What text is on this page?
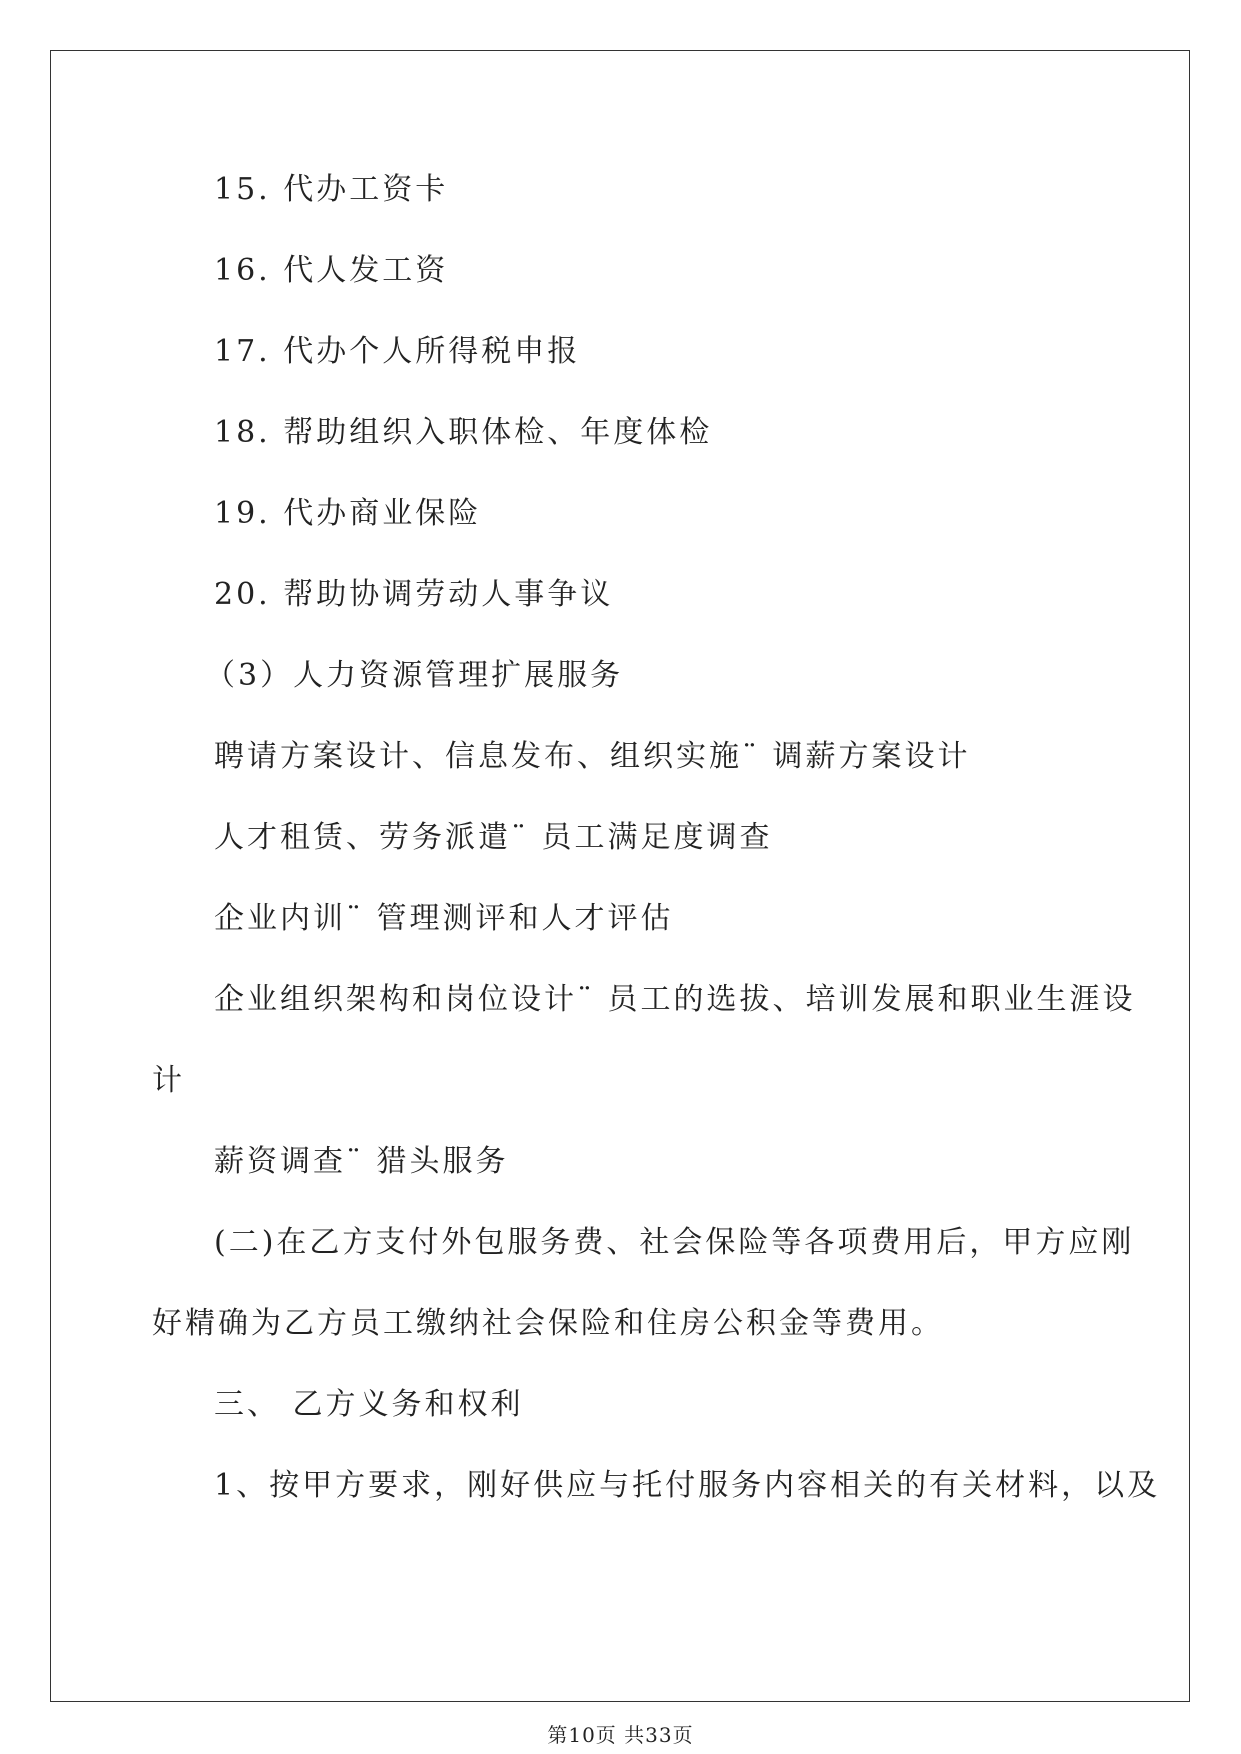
15. 代办工资卡
16. 代人发工资
17. 代办个人所得税申报
18. 帮助组织入职体检、年度体检
19. 代办商业保险
20. 帮助协调劳动人事争议
（3）人力资源管理扩展服务
聘请方案设计、信息发布、组织实施¨ 调薪方案设计
人才租赁、劳务派遣¨ 员工满足度调查
企业内训¨ 管理测评和人才评估
企业组织架构和岗位设计¨ 员工的选拔、培训发展和职业生涯设
计
薪资调查¨ 猎头服务
(二)在乙方支付外包服务费、社会保险等各项费用后，甲方应刚
好精确为乙方员工缴纳社会保险和住房公积金等费用。
三、 乙方义务和权利
1、按甲方要求，刚好供应与托付服务内容相关的有关材料，以及
第10页 共33页
